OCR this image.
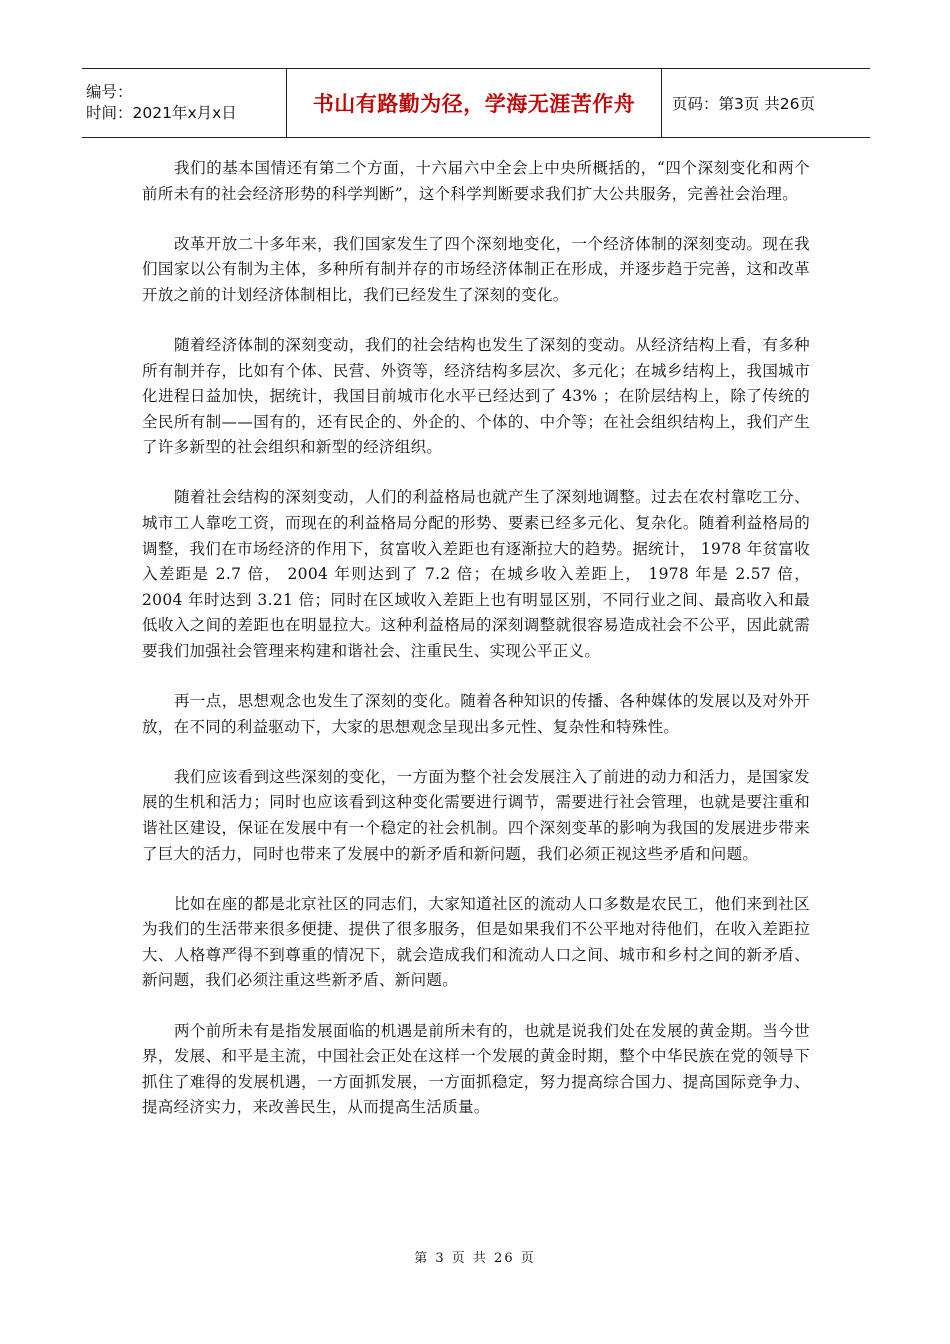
编号：
时间：2021年x月x日	书山有路勤为径，学海无涯苦作舟	页码：第3页 共26页

我们的基本国情还有第二个方面，十六届六中全会上中央所概括的，“四个深刻变化和两个前所未有的社会经济形势的科学判断”，这个科学判断要求我们扩大公共服务，完善社会治理。

改革开放二十多年来，我们国家发生了四个深刻地变化，一个经济体制的深刻变动。现在我们国家以公有制为主体，多种所有制并存的市场经济体制正在形成，并逐步趋于完善，这和改革开放之前的计划经济体制相比，我们已经发生了深刻的变化。

随着经济体制的深刻变动，我们的社会结构也发生了深刻的变动。从经济结构上看，有多种所有制并存，比如有个体、民营、外资等，经济结构多层次、多元化；在城乡结构上，我国城市化进程日益加快，据统计，我国目前城市化水平已经达到了 43% ；在阶层结构上，除了传统的全民所有制——国有的，还有民企的、外企的、个体的、中介等；在社会组织结构上，我们产生了许多新型的社会组织和新型的经济组织。

随着社会结构的深刻变动，人们的利益格局也就产生了深刻地调整。过去在农村靠吃工分、城市工人靠吃工资，而现在的利益格局分配的形势、要素已经多元化、复杂化。随着利益格局的调整，我们在市场经济的作用下，贫富收入差距也有逐渐拉大的趋势。据统计， 1978 年贫富收入差距是 2.7 倍， 2004 年则达到了 7.2 倍；在城乡收入差距上， 1978 年是 2.57 倍， 2004 年时达到 3.21 倍；同时在区域收入差距上也有明显区别，不同行业之间、最高收入和最低收入之间的差距也在明显拉大。这种利益格局的深刻调整就很容易造成社会不公平，因此就需要我们加强社会管理来构建和谐社会、注重民生、实现公平正义。

再一点，思想观念也发生了深刻的变化。随着各种知识的传播、各种媒体的发展以及对外开放，在不同的利益驱动下，大家的思想观念呈现出多元性、复杂性和特殊性。

我们应该看到这些深刻的变化，一方面为整个社会发展注入了前进的动力和活力，是国家发展的生机和活力；同时也应该看到这种变化需要进行调节，需要进行社会管理，也就是要注重和谐社区建设，保证在发展中有一个稳定的社会机制。四个深刻变革的影响为我国的发展进步带来了巨大的活力，同时也带来了发展中的新矛盾和新问题，我们必须正视这些矛盾和问题。

比如在座的都是北京社区的同志们，大家知道社区的流动人口多数是农民工，他们来到社区为我们的生活带来很多便捷、提供了很多服务，但是如果我们不公平地对待他们，在收入差距拉大、人格尊严得不到尊重的情况下，就会造成我们和流动人口之间、城市和乡村之间的新矛盾、新问题，我们必须注重这些新矛盾、新问题。

两个前所未有是指发展面临的机遇是前所未有的，也就是说我们处在发展的黄金期。当今世界，发展、和平是主流，中国社会正处在这样一个发展的黄金时期，整个中华民族在党的领导下抓住了难得的发展机遇，一方面抓发展，一方面抓稳定，努力提高综合国力、提高国际竞争力、提高经济实力，来改善民生，从而提高生活质量。

第 3 页 共 26 页
